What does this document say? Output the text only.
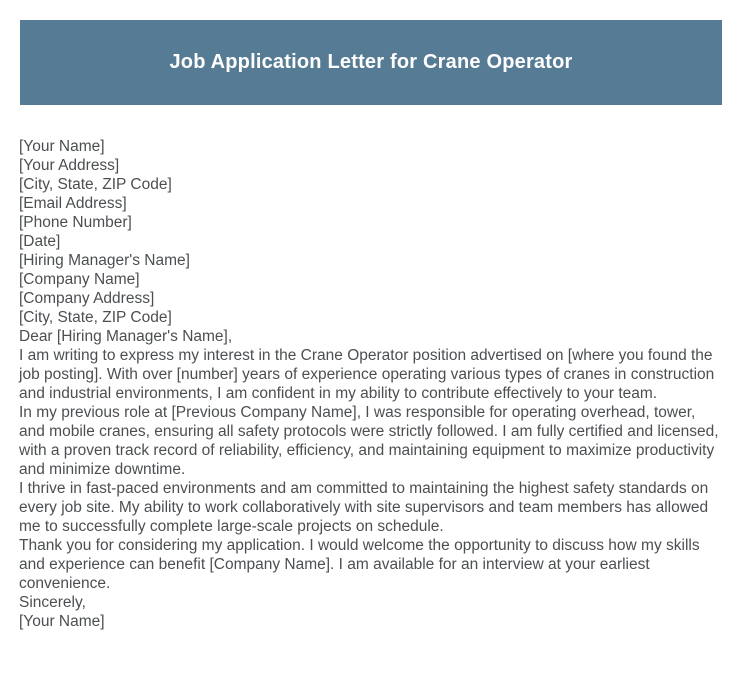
Job Application Letter for Crane Operator

[Your Name]

[Your Address]

[City, State, ZIP Code]

[Email Address]

[Phone Number]

[Date]

[Hiring Manager's Name]

[Company Name]

[Company Address]

[City, State, ZIP Code]

Dear [Hiring Manager's Name],

I am writing to express my interest in the Crane Operator position advertised on [where you found the job posting]. With over [number] years of experience operating various types of cranes in construction and industrial environments, I am confident in my ability to contribute effectively to your team.

In my previous role at [Previous Company Name], I was responsible for operating overhead, tower, and mobile cranes, ensuring all safety protocols were strictly followed. I am fully certified and licensed, with a proven track record of reliability, efficiency, and maintaining equipment to maximize productivity and minimize downtime.

I thrive in fast-paced environments and am committed to maintaining the highest safety standards on every job site. My ability to work collaboratively with site supervisors and team members has allowed me to successfully complete large-scale projects on schedule.

Thank you for considering my application. I would welcome the opportunity to discuss how my skills and experience can benefit [Company Name]. I am available for an interview at your earliest convenience.

Sincerely,

[Your Name]
